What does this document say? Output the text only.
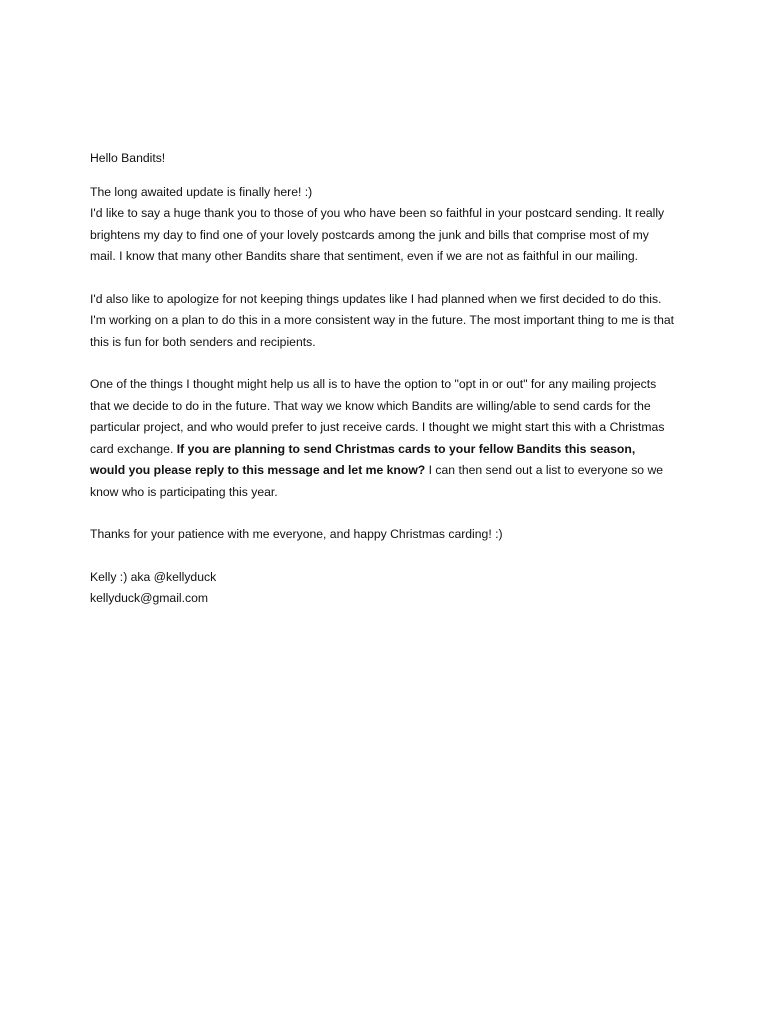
Hello Bandits!

The long awaited update is finally here! :)
I'd like to say a huge thank you to those of you who have been so faithful in your postcard sending. It really
brightens my day to find one of your lovely postcards among the junk and bills that comprise most of my
mail. I know that many other Bandits share that sentiment, even if we are not as faithful in our mailing.

I'd also like to apologize for not keeping things updates like I had planned when we first decided to do this.
I'm working on a plan to do this in a more consistent way in the future. The most important thing to me is that
this is fun for both senders and recipients.

One of the things I thought might help us all is to have the option to "opt in or out" for any mailing projects
that we decide to do in the future. That way we know which Bandits are willing/able to send cards for the
particular project, and who would prefer to just receive cards. I thought we might start this with a Christmas
card exchange. If you are planning to send Christmas cards to your fellow Bandits this season,
would you please reply to this message and let me know? I can then send out a list to everyone so we
know who is participating this year.

Thanks for your patience with me everyone, and happy Christmas carding! :)

Kelly :) aka @kellyduck
kellyduck@gmail.com
